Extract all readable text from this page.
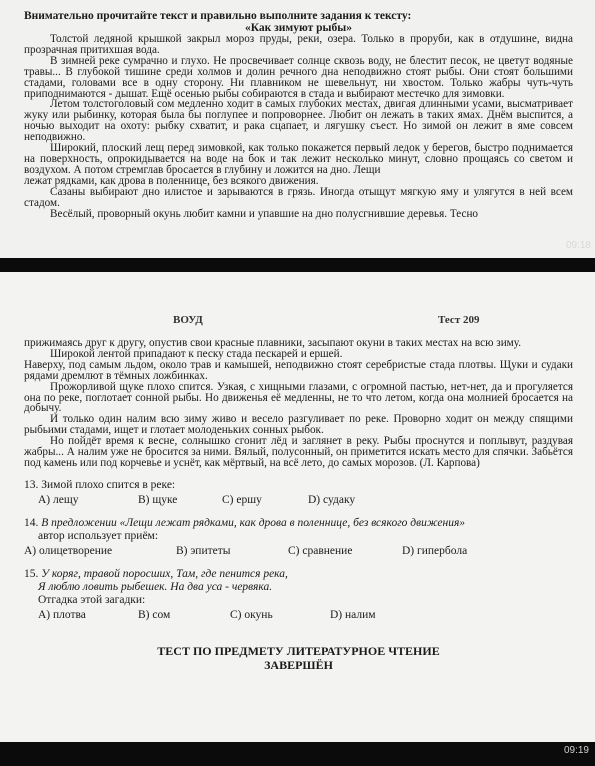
Внимательно прочитайте текст и правильно выполните задания к тексту:
«Как зимуют рыбы»

Толстой ледяной крышкой закрыл мороз пруды, реки, озера. Только в проруби, как в отдушине, видна прозрачная притихшая вода.

В зимней реке сумрачно и глухо. Не просвечивает солнце сквозь воду, не блестит песок, не цветут водяные травы... В глубокой тишине среди холмов и долин речного дна неподвижно стоят рыбы. Они стоят большими стадами, головами все в одну сторону. Ни плавником не шевельнут, ни хвостом. Только жабры чуть-чуть приподнимаются - дышат. Ещё осенью рыбы собираются в стада и выбирают местечко для зимовки.

Летом толстоголовый сом медленно ходит в самых глубоких местах, двигая длинными усами, высматривает жуку или рыбинку, которая была бы поглупее и попроворнее. Любит он лежать в таких ямах. Днём выспится, а ночью выходит на охоту: рыбку схватит, и рака сцапает, и лягушку съест. Но зимой он лежит в яме совсем неподвижно.

Широкий, плоский лещ перед зимовкой, как только покажется первый ледок у берегов, быстро поднимается на поверхность, опрокидывается на воде на бок и так лежит несколько минут, словно прощаясь со светом и воздухом. А потом стремглав бросается в глубину и ложится на дно. Лещи

лежат рядками, как дрова в поленнице, без всякого движения.

Сазаны выбирают дно илистое и зарываются в грязь. Иногда отыщут мягкую яму и улягутся в ней всем стадом.

Весёлый, проворный окунь любит камни и упавшие на дно полусгнившие деревья. Тесно

09:18
ВОУД	Тест 209

прижимаясь друг к другу, опустив свои красные плавники, засыпают окуни в таких местах на всю зиму.

Широкой лентой припадают к песку стада пескарей и ершей.

Наверху, под самым льдом, около трав и камышей, неподвижно стоят серебристые стада плотвы. Щуки и судаки рядами дремлют в тёмных ложбинках.

Прожорливой щуке плохо спится. Узкая, с хищными глазами, с огромной пастью, нет-нет, да и прогуляется она по реке, поглотает сонной рыбы. Но движенья её медленны, не то что летом, когда она молнией бросается на добычу.

И только один налим всю зиму живо и весело разгуливает по реке. Проворно ходит он между спящими рыбьими стадами, ищет и глотает молоденьких сонных рыбок.

Но пойдёт время к весне, солнышко сгонит лёд и заглянет в реку. Рыбы проснутся и поплывут, раздувая жабры... А налим уже не бросится за ними. Вялый, полусонный, он приметится искать место для спячки. Забьётся под камень или под корчевье и уснёт, как мёртвый, на всё лето, до самых морозов. (Л. Карпова)

13. Зимой плохо спится в реке:
А) лещу	В) щуке	С) ершу	D) судаку
14. В предложении «Лещи лежат рядками, как дрова в поленнице, без всякого движения»
автор использует приём:
А) олицетворение	В) эпитеты	С) сравнение	D) гипербола
15. У коряг, травой поросших, Там, где пенится река,
Я люблю ловить рыбешек. На два уса - червяка.
Отгадка этой загадки:
А) плотва	В) сом	С) окунь	D) налим
ТЕСТ ПО ПРЕДМЕТУ ЛИТЕРАТУРНОЕ ЧТЕНИЕ
ЗАВЕРШЁН
09:19
